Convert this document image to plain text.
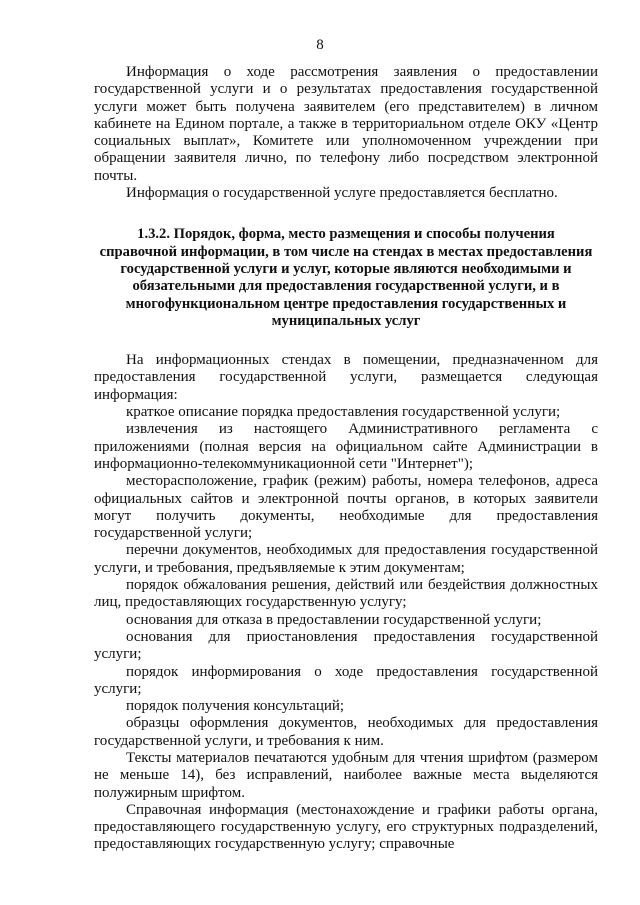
8

Информация о ходе рассмотрения заявления о предоставлении государственной услуги и о результатах предоставления государственной услуги может быть получена заявителем (его представителем) в личном кабинете на Едином портале, а также в территориальном отделе ОКУ «Центр социальных выплат», Комитете или уполномоченном учреждении при обращении заявителя лично, по телефону либо посредством электронной почты.

Информация о государственной услуге предоставляется бесплатно.

1.3.2. Порядок, форма, место размещения и способы получения справочной информации, в том числе на стендах в местах предоставления государственной услуги и услуг, которые являются необходимыми и обязательными для предоставления государственной услуги, и в многофункциональном центре предоставления государственных и муниципальных услуг

На информационных стендах в помещении, предназначенном для предоставления государственной услуги, размещается следующая информация:

краткое описание порядка предоставления государственной услуги;

извлечения из настоящего Административного регламента с приложениями (полная версия на официальном сайте Администрации в информационно-телекоммуникационной сети "Интернет");

месторасположение, график (режим) работы, номера телефонов, адреса официальных сайтов и электронной почты органов, в которых заявители могут получить документы, необходимые для предоставления государственной услуги;

перечни документов, необходимых для предоставления государственной услуги, и требования, предъявляемые к этим документам;

порядок обжалования решения, действий или бездействия должностных лиц, предоставляющих государственную услугу;

основания для отказа в предоставлении государственной услуги;

основания для приостановления предоставления государственной услуги;

порядок информирования о ходе предоставления государственной услуги;

порядок получения консультаций;

образцы оформления документов, необходимых для предоставления государственной услуги, и требования к ним.

Тексты материалов печатаются удобным для чтения шрифтом (размером не меньше 14), без исправлений, наиболее важные места выделяются полужирным шрифтом.

Справочная информация (местонахождение и графики работы органа, предоставляющего государственную услугу, его структурных подразделений, предоставляющих государственную услугу; справочные
